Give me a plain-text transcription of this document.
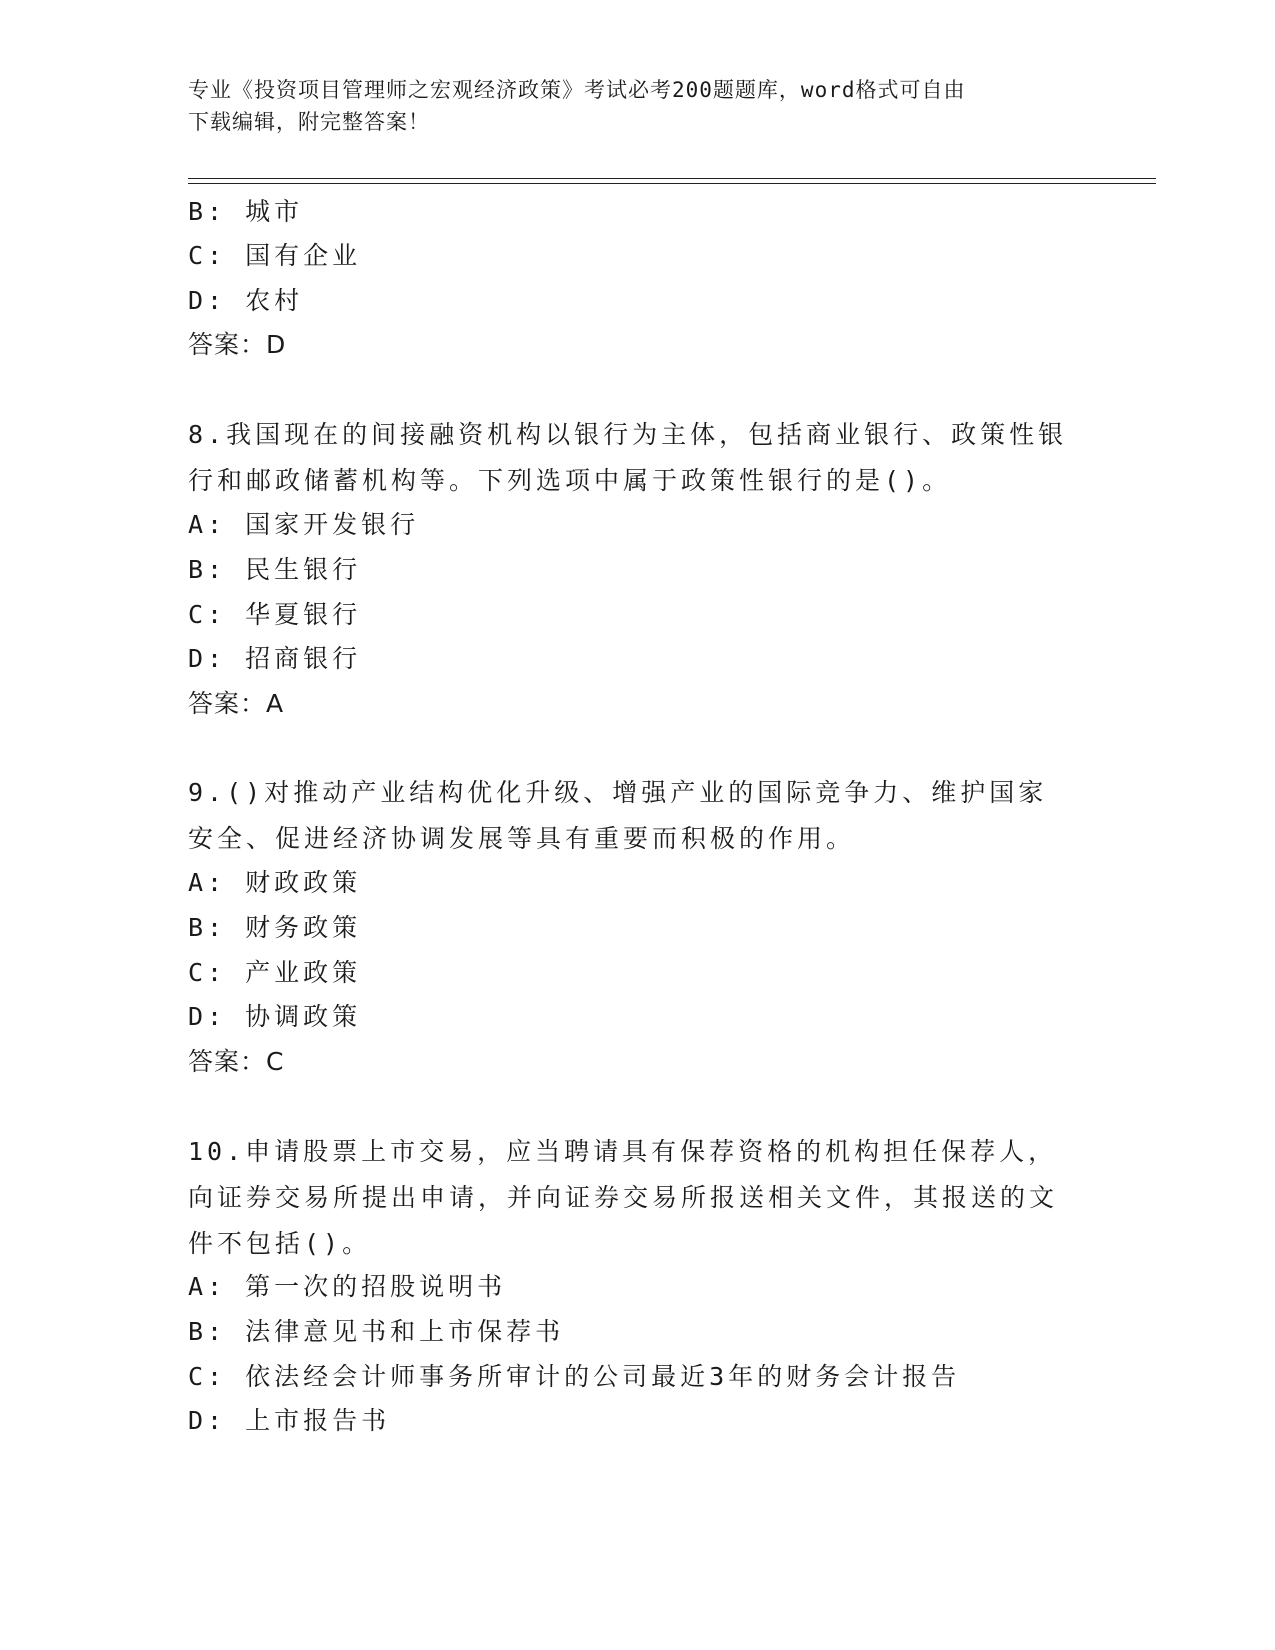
专业《投资项目管理师之宏观经济政策》考试必考200题题库，word格式可自由
下载编辑，附完整答案！
B: 城市
C: 国有企业
D: 农村
答案：D
8.我国现在的间接融资机构以银行为主体，包括商业银行、政策性银行和邮政储蓄机构等。下列选项中属于政策性银行的是()。
A: 国家开发银行
B: 民生银行
C: 华夏银行
D: 招商银行
答案：A
9.()对推动产业结构优化升级、增强产业的国际竞争力、维护国家安全、促进经济协调发展等具有重要而积极的作用。
A: 财政政策
B: 财务政策
C: 产业政策
D: 协调政策
答案：C
10.申请股票上市交易，应当聘请具有保荐资格的机构担任保荐人，向证券交易所提出申请，并向证券交易所报送相关文件，其报送的文件不包括()。
A: 第一次的招股说明书
B: 法律意见书和上市保荐书
C: 依法经会计师事务所审计的公司最近3年的财务会计报告
D: 上市报告书
